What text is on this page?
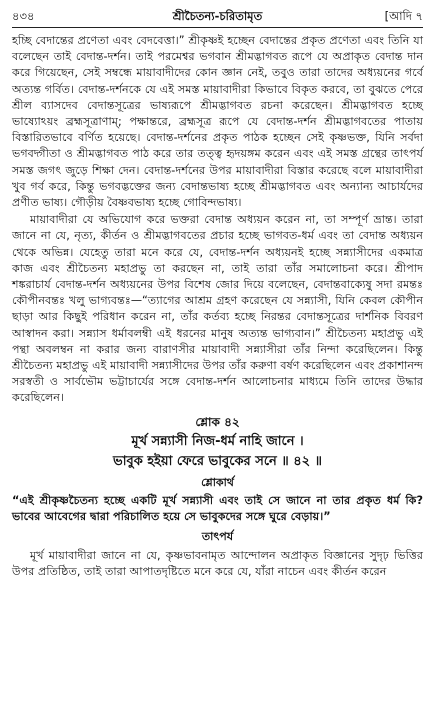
৪৩৪	শ্রীচৈতন্য-চরিতামৃত	[আদি ৭

হচ্ছি বেদান্তের প্রণেতা এবং বেদবেত্তা।” শ্রীকৃষ্ণই হচ্ছেন বেদান্তের প্রকৃত প্রণেতা এবং তিনি যা বলেছেন তাই বেদান্ত-দর্শন। তাই পরমেশ্বর ভগবান শ্রীমদ্ভাগবত রূপে যে অপ্রাকৃত বেদান্ত দান করে গিয়েছেন, সেই সম্বন্ধে মায়াবাদীদের কোন জ্ঞান নেই, তবুও তারা তাদের অধ্যয়নের গর্বে অত্যন্ত গর্বিত। বেদান্ত-দর্শনকে যে এই সমস্ত মায়াবাদীরা কিভাবে বিকৃত করবে, তা বুঝতে পেরে শ্রীল ব্যাসদেব বেদান্তসূত্রের ভাষ্যরূপে শ্রীমদ্ভাগবত রচনা করেছেন। শ্রীমদ্ভাগবত হচ্ছে ভাষ্যোঽয়ং ব্রহ্মসূত্রাণাম্; পক্ষান্তরে, ব্রহ্মসূত্র রূপে যে বেদান্ত-দর্শন শ্রীমদ্ভাগবতের পাতায় বিস্তারিতভাবে বর্ণিত হয়েছে। বেদান্ত-দর্শনের প্রকৃত পাঠক হচ্ছেন সেই কৃষ্ণভক্ত, যিনি সর্বদা ভগবদ্গীতা ও শ্রীমদ্ভাগবত পাঠ করে তার তত্ত্ব হৃদয়ঙ্গম করেন এবং এই সমস্ত গ্রন্থের তাৎপর্য সমস্ত জগৎ জুড়ে শিক্ষা দেন। বেদান্ত-দর্শনের উপর মায়াবাদীরা বিস্তার করেছে বলে মায়াবাদীরা খুব গর্ব করে, কিন্তু ভগবদ্ভক্তের জন্য বেদান্তভাষ্য হচ্ছে শ্রীমদ্ভাগবত এবং অন্যান্য আচার্যদের প্রণীত ভাষ্য। গৌড়ীয় বৈষ্ণবভাষ্য হচ্ছে গোবিন্দভাষ্য।

মায়াবাদীরা যে অভিযোগ করে ভক্তরা বেদান্ত অধ্যয়ন করেন না, তা সম্পূর্ণ ভ্রান্ত। তারা জানে না যে, নৃত্য, কীর্তন ও শ্রীমদ্ভাগবতের প্রচার হচ্ছে ভাগবত-ধর্ম এবং তা বেদান্ত অধ্যয়ন থেকে অভিন্ন। যেহেতু তারা মনে করে যে, বেদান্ত-দর্শন অধ্যয়নই হচ্ছে সন্ন্যাসীদের একমাত্র কাজ এবং শ্রীচৈতন্য মহাপ্রভু তা করছেন না, তাই তারা তাঁর সমালোচনা করে। শ্রীপাদ শঙ্করাচার্য বেদান্ত-দর্শন অধ্যয়নের উপর বিশেষ জোর দিয়ে বলেছেন, বেদান্তবাক্যেষু সদা রমন্তঃ কৌপীনবন্তঃ খলু ভাগ্যবন্তঃ—“ত্যাগের আশ্রম গ্রহণ করেছেন যে সন্ন্যাসী, যিনি কেবল কৌপীন ছাড়া আর কিছুই পরিধান করেন না, তাঁর কর্তব্য হচ্ছে নিরন্তর বেদান্তসূত্রের দার্শনিক বিবরণ আস্বাদন করা। সন্ন্যাস ধর্মাবলম্বী এই ধরনের মানুষ অত্যন্ত ভাগ্যবান।” শ্রীচৈতন্য মহাপ্রভু এই পন্থা অবলম্বন না করার জন্য বারাণসীর মায়াবাদী সন্ন্যাসীরা তাঁর নিন্দা করেছিলেন। কিন্তু শ্রীচৈতন্য মহাপ্রভু এই মায়াবাদী সন্ন্যাসীদের উপর তাঁর করুণা বর্ষণ করেছিলেন এবং প্রকাশানন্দ সরস্বতী ও সার্বভৌম ভট্টাচার্যের সঙ্গে বেদান্ত-দর্শন আলোচনার মাধ্যমে তিনি তাদের উদ্ধার করেছিলেন।

শ্লোক ৪২

মূর্খ সন্ন্যাসী নিজ-ধর্ম নাহি জানে ।

ভাবুক হইয়া ফেরে ভাবুকের সনে ॥ ৪২ ॥

শ্লোকার্থ

“এই শ্রীকৃষ্ণচৈতন্য হচ্ছে একটি মূর্খ সন্ন্যাসী এবং তাই সে জানে না তার প্রকৃত ধর্ম কি? ভাবের আবেগের দ্বারা পরিচালিত হয়ে সে ভাবুকদের সঙ্গে ঘুরে বেড়ায়।”

তাৎপর্য

মূর্খ মায়াবাদীরা জানে না যে, কৃষ্ণভাবনামৃত আন্দোলন অপ্রাকৃত বিজ্ঞানের সুদৃঢ় ভিত্তির উপর প্রতিষ্ঠিত, তাই তারা আপাতদৃষ্টিতে মনে করে যে, যাঁরা নাচেন এবং কীর্তন করেন
